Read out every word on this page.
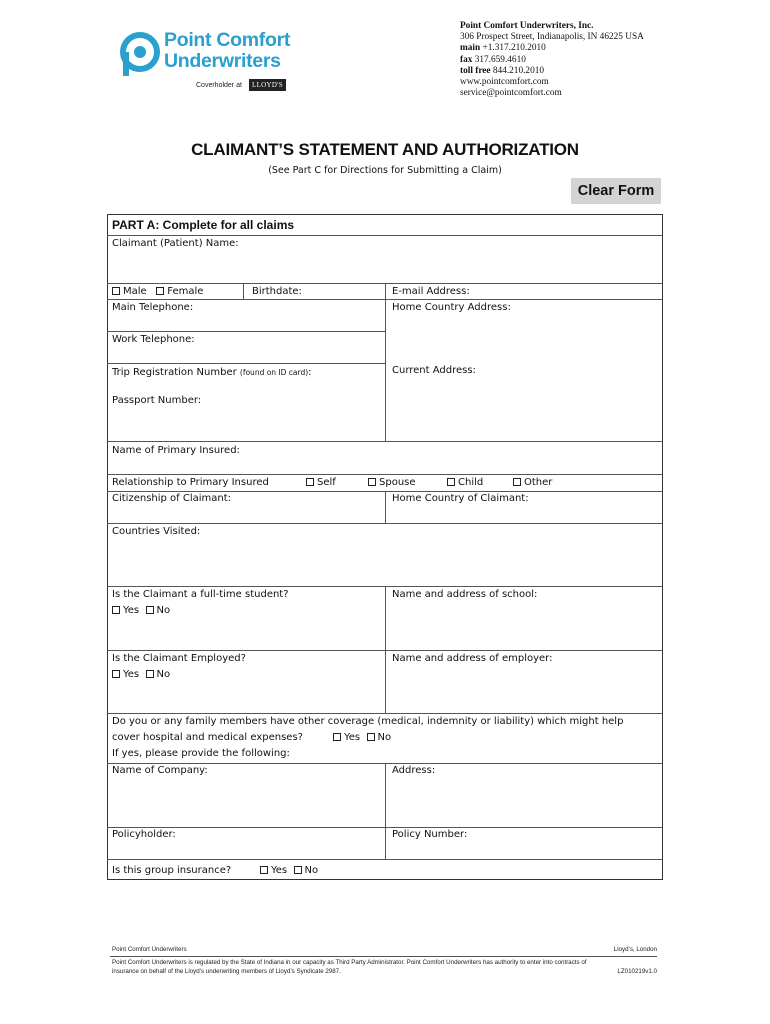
Point Comfort
Underwriters
Coverholder at	LLOYD'S
Point Comfort Underwriters, Inc.
306 Prospect Street, Indianapolis, IN 46225 USA
main +1.317.210.2010
fax 317.659.4610
toll free 844.210.2010
www.pointcomfort.com
service@pointcomfort.com
CLAIMANT’S STATEMENT AND AUTHORIZATION
(See Part C for Directions for Submitting a Claim)
Clear Form
PART A: Complete for all claims
Claimant (Patient) Name:
Male Female	Birthdate:	E-mail Address:
Main Telephone:	Home Country Address:
Work Telephone:
Trip Registration Number (found on ID card):	Current Address:
Passport Number:
Name of Primary Insured:
Relationship to Primary Insured	Self	Spouse	Child	Other
Citizenship of Claimant:	Home Country of Claimant:
Countries Visited:
Is the Claimant a full-time student?
Yes No
Name and address of school:
Is the Claimant Employed?
Yes No
Name and address of employer:
Do you or any family members have other coverage (medical, indemnity or liability) which might help
cover hospital and medical expenses?	Yes No
If yes, please provide the following:
Name of Company:	Address:
Policyholder:	Policy Number:
Is this group insurance?	Yes No
Point Comfort Underwriters	Lloyd’s, London
Point Comfort Underwriters is regulated by the State of Indiana in our capacity as Third Party Administrator. Point Comfort Underwriters has authority to enter into contracts of
insurance on behalf of the Lloyd’s underwriting members of Lloyd’s Syndicate 2987.	LZ010219v1.0
